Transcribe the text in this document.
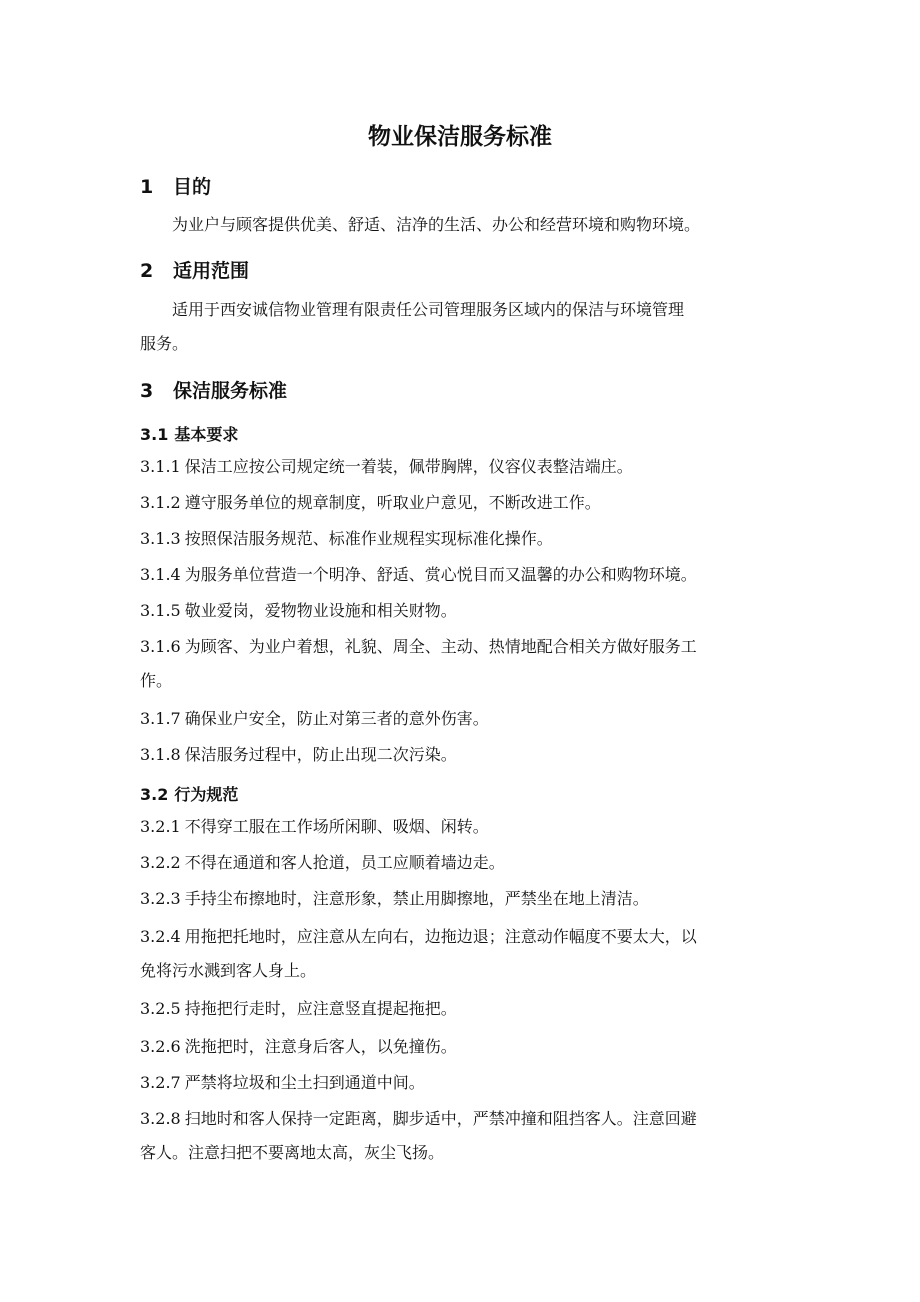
物业保洁服务标准
1 目的

为业户与顾客提供优美、舒适、洁净的生活、办公和经营环境和购物环境。

2 适用范围

适用于西安诚信物业管理有限责任公司管理服务区域内的保洁与环境管理
服务。

3 保洁服务标准
3.1 基本要求

3.1.1 保洁工应按公司规定统一着装，佩带胸牌，仪容仪表整洁端庄。

3.1.2 遵守服务单位的规章制度，听取业户意见，不断改进工作。

3.1.3 按照保洁服务规范、标准作业规程实现标准化操作。

3.1.4 为服务单位营造一个明净、舒适、赏心悦目而又温馨的办公和购物环境。

3.1.5 敬业爱岗，爱物物业设施和相关财物。

3.1.6 为顾客、为业户着想，礼貌、周全、主动、热情地配合相关方做好服务工
作。

3.1.7 确保业户安全，防止对第三者的意外伤害。

3.1.8 保洁服务过程中，防止出现二次污染。

3.2 行为规范

3.2.1 不得穿工服在工作场所闲聊、吸烟、闲转。

3.2.2 不得在通道和客人抢道，员工应顺着墙边走。

3.2.3 手持尘布擦地时，注意形象，禁止用脚擦地，严禁坐在地上清洁。

3.2.4 用拖把托地时，应注意从左向右，边拖边退；注意动作幅度不要太大，以
免将污水溅到客人身上。

3.2.5 持拖把行走时，应注意竖直提起拖把。

3.2.6 洗拖把时，注意身后客人，以免撞伤。

3.2.7 严禁将垃圾和尘土扫到通道中间。

3.2.8 扫地时和客人保持一定距离，脚步适中，严禁冲撞和阻挡客人。注意回避
客人。注意扫把不要离地太高，灰尘飞扬。
